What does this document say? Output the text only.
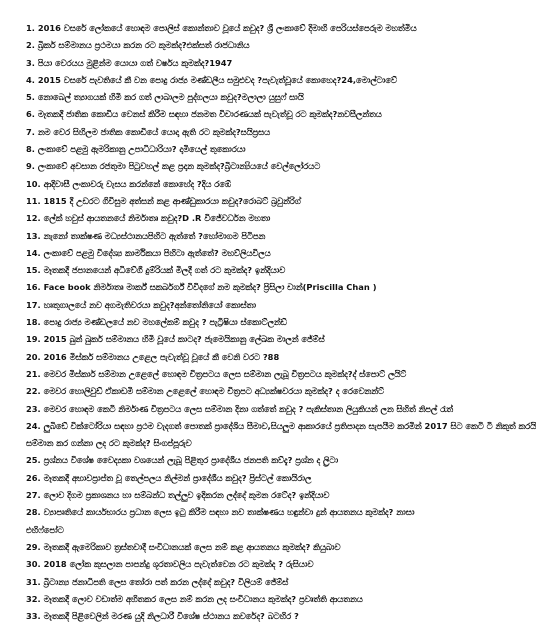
1. 2016 වසරේ ලෝකයේ හොඳම පොලිස් කොන්තාව වූයේ කවුද? ශ්‍රී ලංකාවේ දිමාහි පෙරියස්පෙරුම මහත්මිය
2. බ්‍රිකර් සම්මානය ප්‍රථමයා කරන රට කුමක්ද?එක්සත් රාජධානිය
3. පියා වෙරයය මුළින්ම යොයා ගත් වර්ෂය කුමක්ද?1947
4. 2015 වසරේ පැවතියේ කී වන පොදු රාජ්‍ය මණ්ඩලීය සමුළුවද ?පැවැත්වූයේ කොහෙද?24,මොල්ටාවේ
5. නොබෙල් ත්‍යාගයක් හිමි කර ගත් ලාබාලම පුද්ගලයා කවුද?මලාලා යුසුෆ් සායි
6. මෑතකදී ජාතික කොඩිය වෙනස් කිරීම සඳහා ජනමත විචාරණයක් පැවැත්වූ රට කුමක්ද?නවසීලන්තය
7. නම වෙර සිහිලම ජාතික කොඩියේ යොදා ඇති රට කුමක්ද?සයිප්‍රසය
8. ලංකාවේ පළමු ඇමරිකානු උපාධිධාරියා? දාමියෙල් තුකොරයා
9. ලංකාවේ අවසාන රජතුමා පිටුවහල් කළ ප්‍රදාන කුමක්ද?බ්‍රිටාන්‍යියයේ වෙල්ලෝරයට
10. ආදිවාසී ලංකාවරු වැසය කරන්නේ කොහේද ?දිය රඹේ
11. 1815 දී උඩරට ගිවිසුම අත්සන් කළ ආණ්ඩුකාරයා කවුද?රොබට් බ්‍රවුන්රිග්
12. ලේක් හවුස් ආයතනයේ නිර්මාතෘ කවුද?D .R විජේවර්ධන මහතා
13. නැනෝ තාක්ෂණ මධ්‍යස්ථානයපිහිට ඇත්තේ ?හෝමාගම පිටිපන
14. ලංකාවේ පළමු විදේශ්‍ය කාර්මිකයා පිහිටා ඇත්තේ? මහව්ලියවිලය
15. මෑතකදී ජපානයෙන් අධිවේගී දුම්රියක් මිලදී ගත් රට කුමක්ද? ඉන්දියාව
16. Face book නිර්මාතෘ මාර්ක් සකර්බර්ග් විවිදගේ නම කුමක්ද? ප්‍රිසිලා චාන්(Priscilla Chan )
17. හෘතුගාලයේ නව අගමැතිවරයා කවුද?අන්තෝනියෝ කොස්තා
18. පොදු රාජ්‍ය මණ්ඩලයේ නව මහලේකම් කවුද ? පැට්‍රීෂියා ස්කොට්ලන්ඩ්
19. 2015 බුන් බුකර් සම්මානය හිමි වූයේ කාටද? ජැමෙයිකානු ලේඛක මාලන් ජේම්ස්
20. 2016 මිස්කර් සම්මානය උළෙල පැවැත්වූ වූයේ කී වෙනි වරට ?88
21. මෙවර මිස්කාර් සම්මාන උළෙලේ හොඳම චිත්‍රපටය ලෙස සම්මාන ලැබූ චිත්‍රපටය කුමක්ද?ද් ස්පොට් ලයිට්
22. මෙවර හොලිවුඩ් ඒකාඩමි සම්මාන උළෙලේ හොඳම චිත්‍රපට අධ්‍යක්ෂවරයා කුමක්ද? ද රෙවෙනන්ට්
23. මෙවර හොඳම කෙටි නිර්මාණ චිත්‍රපටය ලෙස සම්මාන දිනා ගත්තේ කවුද ? පැකිස්තාන ලියුකියන් ලන සිහිත් නිපල් රැත්
24. ලුබිඩේ වික්ටෝරියා සඳහා ප්‍රථම වැදගත් පොතක් ප්‍රාදේශිය සීමාව,සියලුම ආකාරයේ ප්‍රතිපාදන සැපයීම කරමින් 2017 සිට කෙටි ටී නිකුත් කරයි
සම්මාන කර ගන්නා ලද රට කුමක්ද? සිංගප්පූරුව
25. ප්‍රශ්නය විශේෂ වෛද්‍යකා වශයෙන් ලැබූ පිළිතුර ප්‍රාදේශීය ජනපති කව්දැ? ප්‍රශ්න ද ල්‍රිටා
26. මෑතකදී අභාවප්‍රාප්ත වූ තෙල්පලය නිල්මන් ප්‍රාදේශීය කවුද? ප්‍රිස්ටල් කොයිරාල
27. ලොව දිගම ප්‍රකාශනය හා සම්බන්ධ තල්ලුව ඉදිකරන ලද්දේ කුමන රටේද? ඉන්දියාව
28. ව්‍යාපෘතියේ කාර්යභාරය ප්‍රධාන ලෙස ඉටු කිරීම සඳහා නව තාක්ෂණය හඳුන්වා දුන් ආයතනය කුමක්ද? නාසා
එහිෆ්පෝට
29. මෑතකදී ඇමෙරිකාව ත්‍රස්තවාදී සංවිධානයක් ලෙස නම් කළ ආයතනය කුමක්ද? කියුබාව
30. 2018 ලෝක කුසලාන පාපන්දු ශූරතාවලිය පැවැත්වෙන රට කුමක්ද ? රුසියාව
31. බ්‍රිටාන්‍ය ජනාධිපති ලෙස තෝරා පත් කරන ලද්දේ කවුද? විලියම් ජේම්ස්
32. මෑතකදී ලොව වඩාත්ම අහිතකර ලෙස නම් කරන ලද සංවිධානය කුමක්ද? ප්‍රවෘත්ති ආයතනය
33. මෑතකදී පිළිවෙලින් මරණ යුදි නිලධාරී විශේෂ ස්ථානය කවරේද? බටහිර ?
